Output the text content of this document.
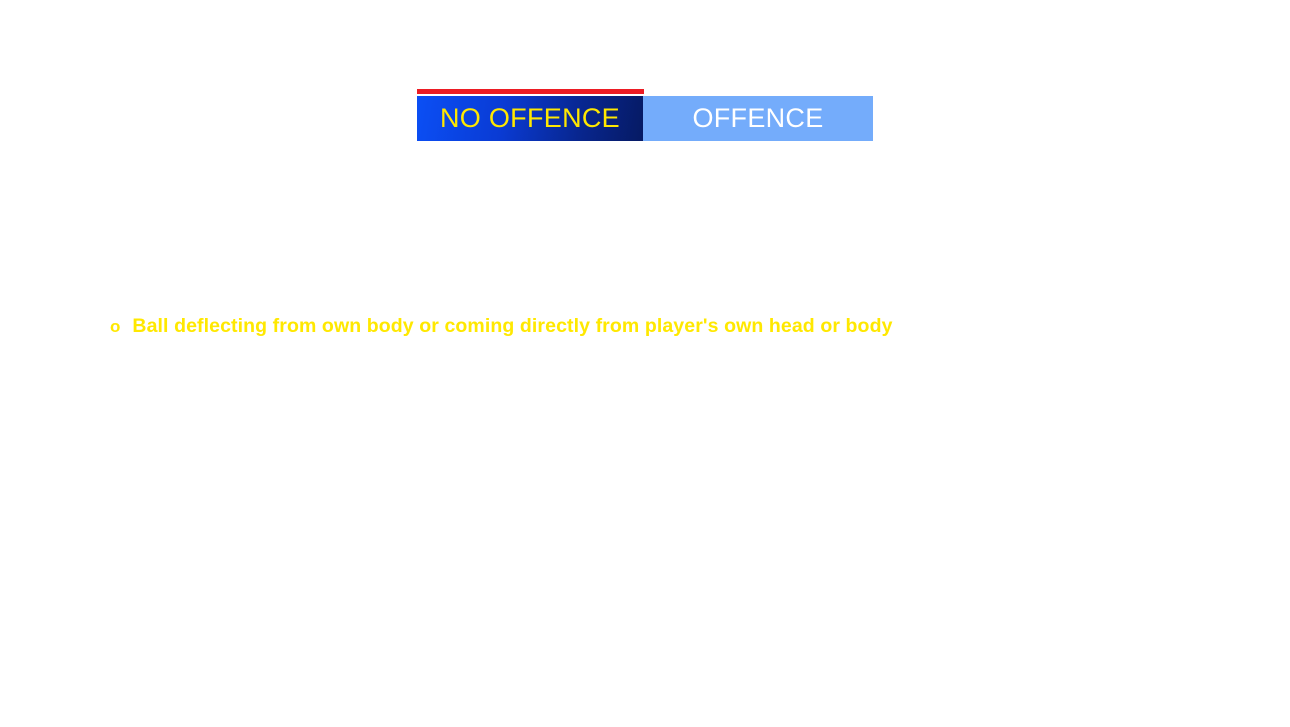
NO OFFENCE	OFFENCE
o Ball deflecting from own body or coming directly from player's own head or body
